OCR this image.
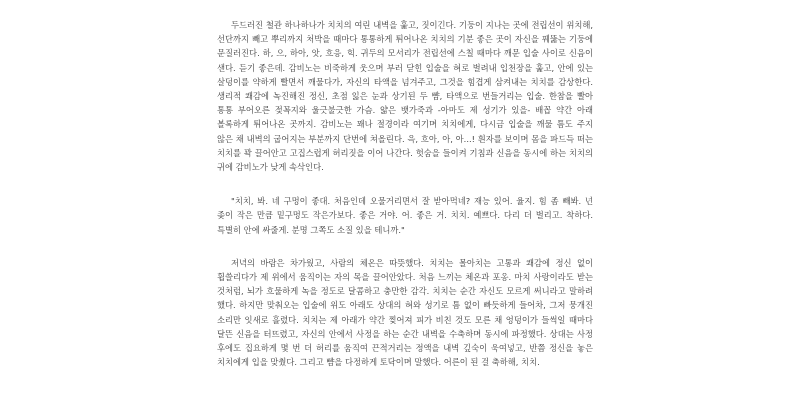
두드러진 철관 하나하나가 치치의 여린 내벽을 훑고, 짓이긴다. 기둥이 지나는 곳에 전립선이 위치해, 선단까지 빼고 뿌리까지 처박을 때마다 통통하게 튀어나온 치치의 기분 좋은 곳이 자신을 꿰뚫는 기둥에 문질러진다. 하, 으, 하아, 앗, 흐응, 힉. 귀두의 모서리가 전립선에 스칠 때마다 깨문 입술 사이로 신음이 샌다. 듣기 좋은데. 감비노는 비죽하게 웃으며 부러 닫힌 입술을 혀로 벌려내 입천장을 훑고, 안에 있는 살덩이를 약하게 빨면서 깨물다가, 자신의 타액을 넘겨주고, 그것을 힘겹게 삼켜내는 치치를 감상한다. 생리적 쾌감에 녹진해진 정신, 초점 잃은 눈과 상기된 두 뺨, 타액으로 번들거리는 입술. 한참을 빨아 통통 부어오른 젖꼭지와 울긋불긋한 가슴. 얇은 뱃가죽과 -아마도 제 성기가 있을- 배꼽 약간 아래 볼록하게 튀어나온 곳까지. 감비노는 꽤나 절경이라 여기며 치치에게, 다시금 입술을 깨물 틈도 주지 않은 채 내벽의 굽어지는 부분까지 단번에 쳐올린다. 윽, 흐아, 아, 아...! 흰자를 보이며 몸을 파드득 떠는 치치를 꽉 끌어안고 고집스럽게 허리짓을 이어 나간다. 헛숨을 들이켜 기침과 신음을 동시에 하는 치치의 귀에 감비노가 낮게 속삭인다.

"치치, 봐. 네 구멍이 좋대. 처음인데 오물거리면서 잘 받아먹네? 재능 있어. 율지. 힘 좀 빼봐. 넌 좆이 작은 만큼 밑구멍도 작은가보다. 좋은 거야. 어. 좋은 거. 치치. 예쁘다. 다리 더 벌리고. 착하다. 특별히 안에 싸줄게. 분명 그쪽도 소질 있을 테니까."

저녁의 바람은 차가웠고, 사람의 체온은 따뜻했다. 치치는 몰아치는 고통과 쾌감에 정신 없이 휩쓸리다가 제 위에서 움직이는 자의 목을 끌어안았다. 처음 느끼는 체온과 포옹. 마치 사랑이라도 받는 것처럼, 뇌가 흐물하게 녹을 정도로 달콤하고 충만한 감각. 치치는 순간 자신도 모르게 써니라고 말하려 했다. 하지만 맞춰오는 입술에 위도 아래도 상대의 혀와 성기로 틈 없이 빠듯하게 들어차, 그저 뭉개진 소리만 잇새로 흘렸다. 치치는 제 아래가 약간 찢어져 피가 비친 것도 모른 채 엉덩이가 들썩일 때마다 달뜬 신음을 터뜨렸고, 자신의 안에서 사정을 하는 순간 내벽을 수축하며 동시에 파정했다. 상대는 사정 후에도 집요하게 몇 번 더 허리를 움직여 끈적거리는 정액을 내벽 깊숙이 욱여넣고, 반쯤 정신을 놓은 치치에게 입을 맞췄다. 그리고 뺨을 다정하게 토닥이며 말했다. 어른이 된 걸 축하해, 치치.
